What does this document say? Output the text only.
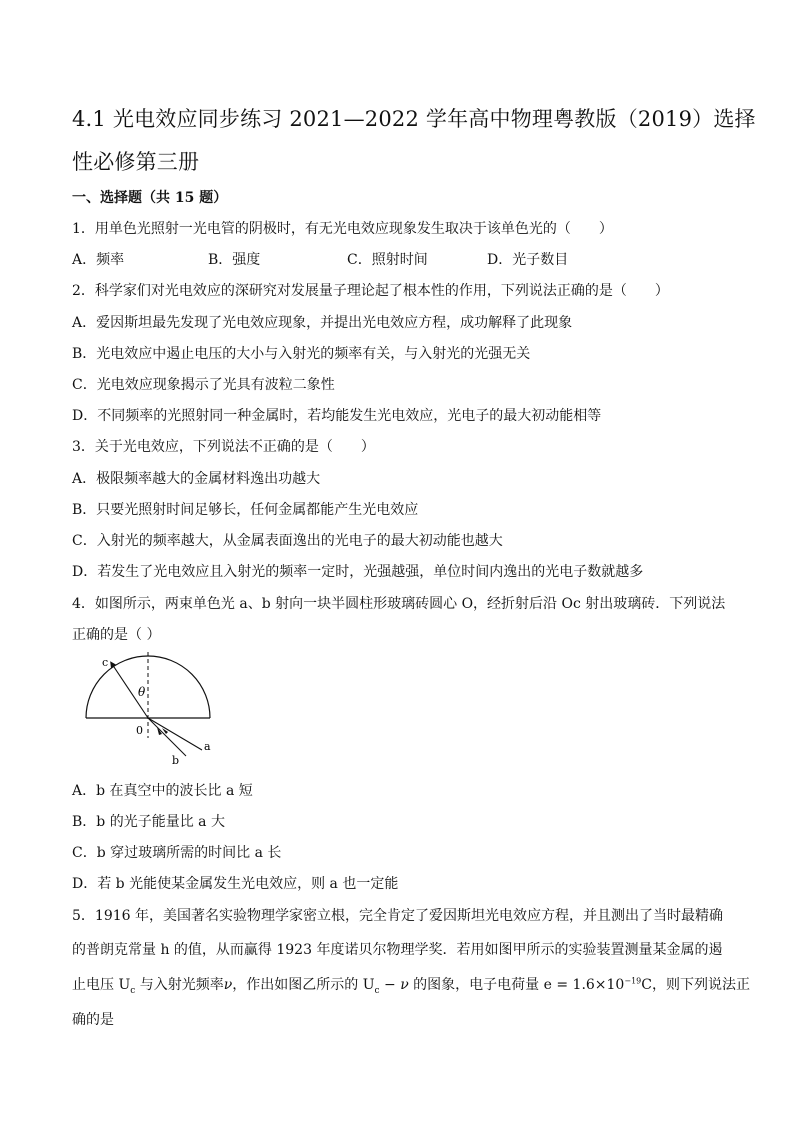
4.1 光电效应同步练习 2021—2022 学年高中物理粤教版（2019）选择
性必修第三册
一、选择题（共 15 题）
1．用单色光照射一光电管的阴极时，有无光电效应现象发生取决于该单色光的（　　）
A．频率	B．强度	C．照射时间	D．光子数目
2．科学家们对光电效应的深研究对发展量子理论起了根本性的作用，下列说法正确的是（　　）
A．爱因斯坦最先发现了光电效应现象，并提出光电效应方程，成功解释了此现象
B．光电效应中遏止电压的大小与入射光的频率有关，与入射光的光强无关
C．光电效应现象揭示了光具有波粒二象性
D．不同频率的光照射同一种金属时，若均能发生光电效应，光电子的最大初动能相等
3．关于光电效应，下列说法不正确的是（　　）
A．极限频率越大的金属材料逸出功越大
B．只要光照射时间足够长，任何金属都能产生光电效应
C．入射光的频率越大，从金属表面逸出的光电子的最大初动能也越大
D．若发生了光电效应且入射光的频率一定时，光强越强，单位时间内逸出的光电子数就越多
4．如图所示，两束单色光 a、b 射向一块半圆柱形玻璃砖圆心 O，经折射后沿 Oc 射出玻璃砖．下列说法
正确的是（ ）
c
θ
0
b
a
A．b 在真空中的波长比 a 短
B．b 的光子能量比 a 大
C．b 穿过玻璃所需的时间比 a 长
D．若 b 光能使某金属发生光电效应，则 a 也一定能
5．1916 年，美国著名实验物理学家密立根，完全肯定了爱因斯坦光电效应方程，并且测出了当时最精确
的普朗克常量 h 的值，从而赢得 1923 年度诺贝尔物理学奖．若用如图甲所示的实验装置测量某金属的遏
止电压 $U_c$ 与入射光频率ν，作出如图乙所示的 $U_c - \nu$ 的图象，电子电荷量 $e = 1.6\times 10^{-19}C$，则下列说法正
确的是
